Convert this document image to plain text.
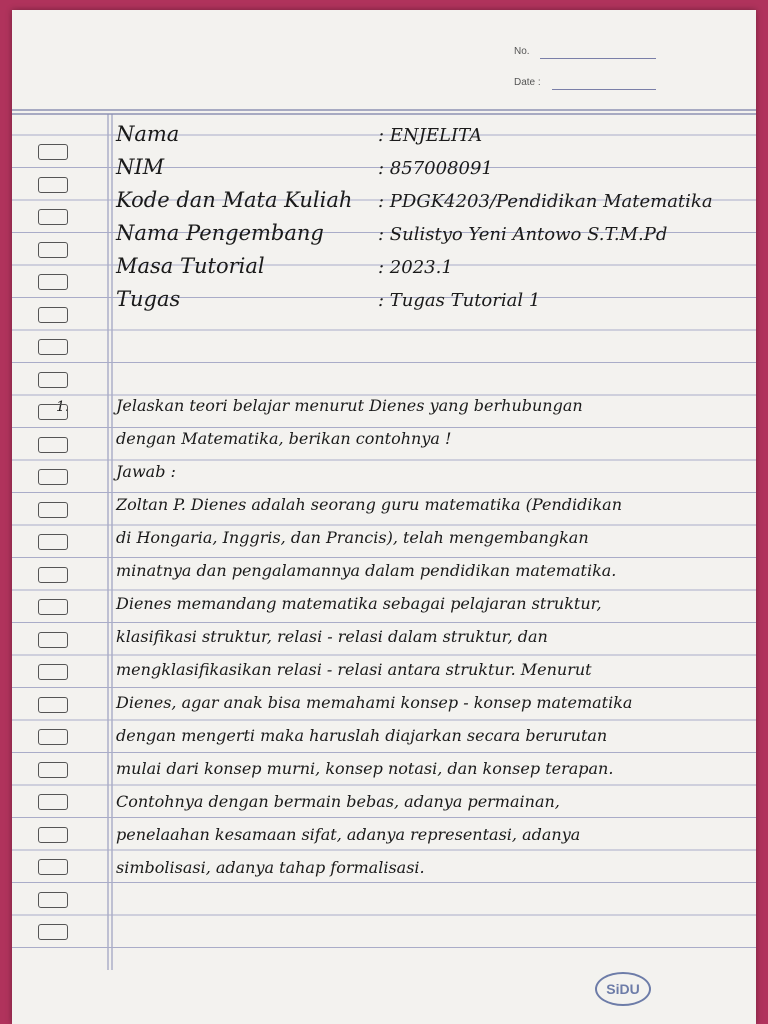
No.
Date :
Nama	: ENJELITA
NIM	: 857008091
Kode dan Mata Kuliah : PDGK4203/Pendidikan Matematika
Nama Pengembang	: Sulistyo Yeni Antowo S.T.M.Pd
Masa Tutorial	: 2023.1
Tugas	: Tugas Tutorial 1
1.	Jelaskan teori belajar menurut Dienes yang berhubungan
dengan Matematika, berikan contohnya !
Jawab :
Zoltan P. Dienes adalah seorang guru matematika (Pendidikan
di Hongaria, Inggris, dan Prancis), telah mengembangkan
minatnya dan pengalamannya dalam pendidikan matematika.
Dienes memandang matematika sebagai pelajaran struktur,
klasifikasi struktur, relasi - relasi dalam struktur, dan
mengklasifikasikan relasi - relasi antara struktur. Menurut
Dienes, agar anak bisa memahami konsep - konsep matematika
dengan mengerti maka haruslah diajarkan secara berurutan
mulai dari konsep murni, konsep notasi, dan konsep terapan.
Contohnya dengan bermain bebas, adanya permainan,
penelaahan kesamaan sifat, adanya representasi, adanya
simbolisasi, adanya tahap formalisasi.
SiDU
